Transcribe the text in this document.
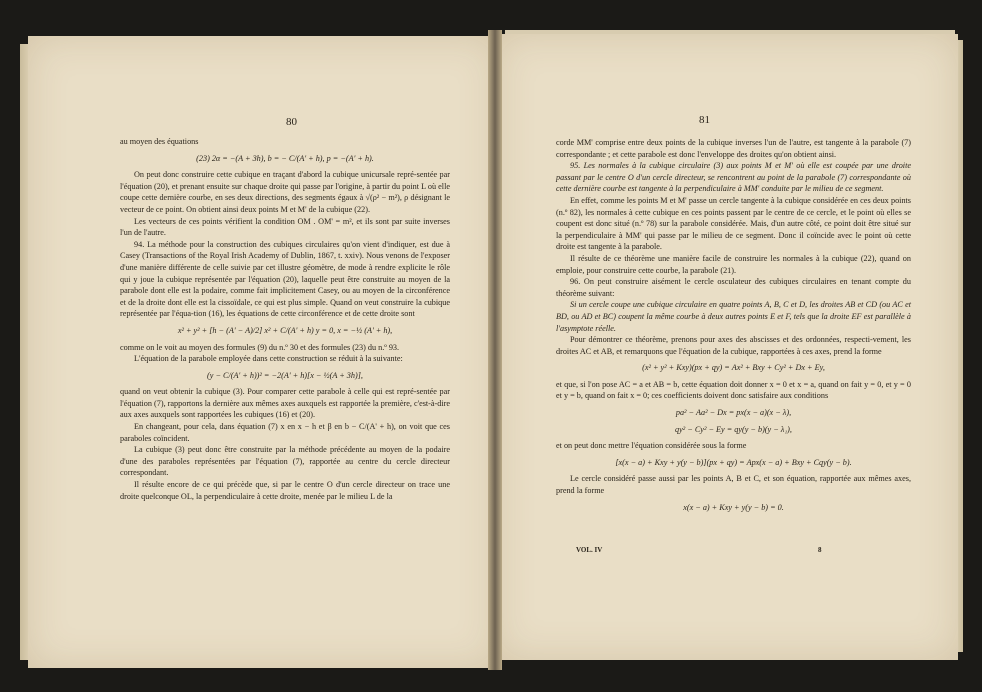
80

au moyen des équations

(23) 2α = −(A + 3h), b = − C/(A' + h), p = −(A' + h).

On peut donc construire cette cubique en traçant d'abord la cubique unicursale repré-sentée par l'équation (20), et prenant ensuite sur chaque droite qui passe par l'origine, à partir du point L où elle coupe cette dernière courbe, en ses deux directions, des segments égaux à √(ρ² − m²), ρ désignant le vecteur de ce point. On obtient ainsi deux points M et M' de la cubique (22).

Les vecteurs de ces points vérifient la condition OM . OM' = m², et ils sont par suite inverses l'un de l'autre.

94. La méthode pour la construction des cubiques circulaires qu'on vient d'indiquer, est due à Casey (Transactions of the Royal Irish Academy of Dublin, 1867, t. xxiv). Nous venons de l'exposer d'une manière différente de celle suivie par cet illustre géomètre, de mode à rendre explicite le rôle qui y joue la cubique représentée par l'équation (20), laquelle peut être construite au moyen de la parabole dont elle est la podaire, comme fait implicitement Casey, ou au moyen de la circonférence et de la droite dont elle est la cissoïdale, ce qui est plus simple. Quand on veut construire la cubique représentée par l'équa-tion (16), les équations de cette circonférence et de cette droite sont

x² + y² + [h − (A' − A)/2] x² + C/(A' + h) y = 0, x = −½ (A' + h),

comme on le voit au moyen des formules (9) du n.º 30 et des formules (23) du n.º 93.

L'équation de la parabole employée dans cette construction se réduit à la suivante:

(y − C/(A' + h))² = −2(A' + h)[x − ½(A + 3h)],

quand on veut obtenir la cubique (3). Pour comparer cette parabole à celle qui est repré-sentée par l'équation (7), rapportons la dernière aux mêmes axes auxquels est rapportée la première, c'est-à-dire aux axes auxquels sont rapportées les cubiques (16) et (20).

En changeant, pour cela, dans équation (7) x en x − h et β en b − C/(A' + h), on voit que ces paraboles coïncident.

La cubique (3) peut donc être construite par la méthode précédente au moyen de la podaire d'une des paraboles représentées par l'équation (7), rapportée au centre du cercle directeur correspondant.

Il résulte encore de ce qui précède que, si par le centre O d'un cercle directeur on trace une droite quelconque OL, la perpendiculaire à cette droite, menée par le milieu L de la

81

corde MM' comprise entre deux points de la cubique inverses l'un de l'autre, est tangente à la parabole (7) correspondante ; et cette parabole est donc l'enveloppe des droites qu'on obtient ainsi.

95. Les normales à la cubique circulaire (3) aux points M et M' où elle est coupée par une droite passant par le centre O d'un cercle directeur, se rencontrent au point de la parabole (7) correspondante où cette dernière courbe est tangente à la perpendiculaire à MM' conduite par le milieu de ce segment.

En effet, comme les points M et M' passe un cercle tangente à la cubique considérée en ces deux points (n.º 82), les normales à cette cubique en ces points passent par le centre de ce cercle, et le point où elles se coupent est donc situé (n.º 78) sur la parabole considérée. Mais, d'un autre côté, ce point doit être situé sur la perpendiculaire à MM' qui passe par le milieu de ce segment. Donc il coïncide avec le point où cette droite est tangente à la parabole.

Il résulte de ce théorème une manière facile de construire les normales à la cubique (22), quand on emploie, pour construire cette courbe, la parabole (21).

96. On peut construire aisément le cercle osculateur des cubiques circulaires en tenant compte du théorème suivant:

Si un cercle coupe une cubique circulaire en quatre points A, B, C et D, les droites AB et CD (ou AC et BD, ou AD et BC) coupent la même courbe à deux autres points E et F, tels que la droite EF est parallèle à l'asymptote réelle.

Pour démontrer ce théorème, prenons pour axes des abscisses et des ordonnées, respecti-vement, les droites AC et AB, et remarquons que l'équation de la cubique, rapportées à ces axes, prend la forme

(x² + y² + Kxy)(px + qy) = Ax² + Bxy + Cy² + Dx + Ey,

et que, si l'on pose AC = a et AB = b, cette équation doit donner x = 0 et x = a, quand on fait y = 0, et y = 0 et y = b, quand on fait x = 0; ces coefficients doivent donc satisfaire aux conditions

pa² − Aa² − Dx = px(x − a)(x − λ),

qy² − Cy² − Ey = qy(y − b)(y − λ₁),

et on peut donc mettre l'équation considérée sous la forme

[x(x − a) + Kxy + y(y − b)](px + qy) = Apx(x − a) + Bxy + Cqy(y − b).

Le cercle considéré passe aussi par les points A, B et C, et son équation, rapportée aux mêmes axes, prend la forme

x(x − a) + Kxy + y(y − b) = 0.

VOL. IV	8
